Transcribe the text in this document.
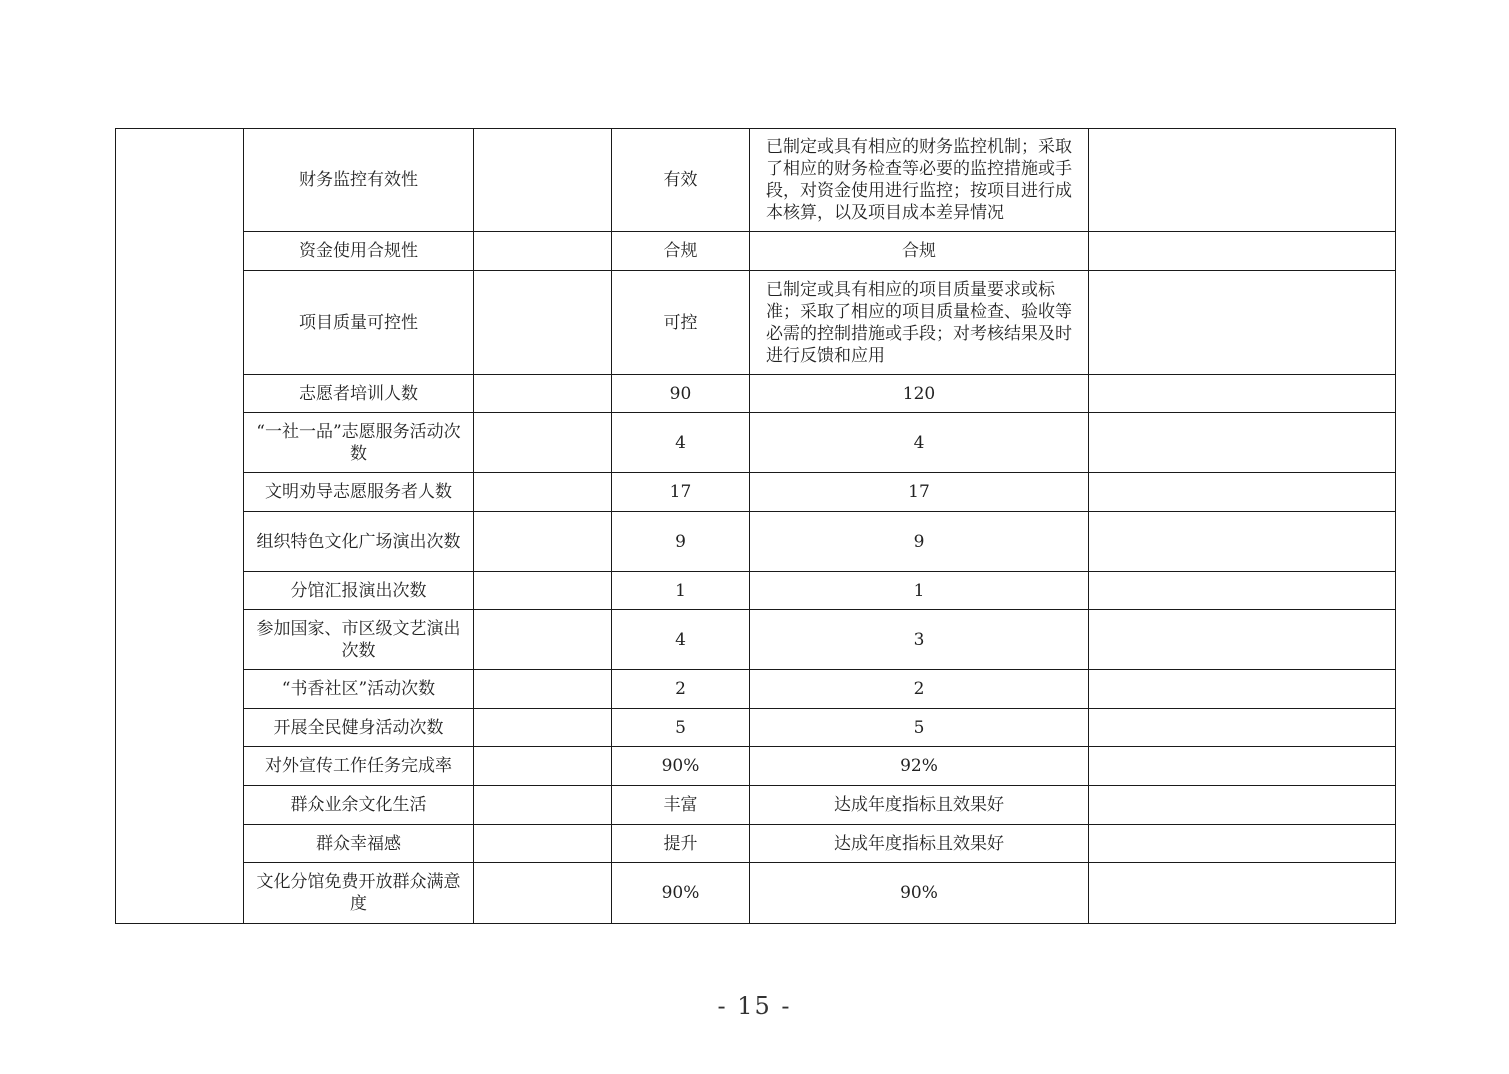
	财务监控有效性		有效	已制定或具有相应的财务监控机制；采取了相应的财务检查等必要的监控措施或手段，对资金使用进行监控；按项目进行成本核算，以及项目成本差异情况	
	资金使用合规性		合规	合规	
	项目质量可控性		可控	已制定或具有相应的项目质量要求或标准；采取了相应的项目质量检查、验收等必需的控制措施或手段；对考核结果及时进行反馈和应用	
	志愿者培训人数		90	120	
	“一社一品”志愿服务活动次数		4	4	
	文明劝导志愿服务者人数		17	17	
	组织特色文化广场演出次数		9	9	
	分馆汇报演出次数		1	1	
	参加国家、市区级文艺演出次数		4	3	
	“书香社区”活动次数		2	2	
	开展全民健身活动次数		5	5	
	对外宣传工作任务完成率		90%	92%	
	群众业余文化生活		丰富	达成年度指标且效果好	
	群众幸福感		提升	达成年度指标且效果好	
	文化分馆免费开放群众满意度		90%	90%	
- 15 -
